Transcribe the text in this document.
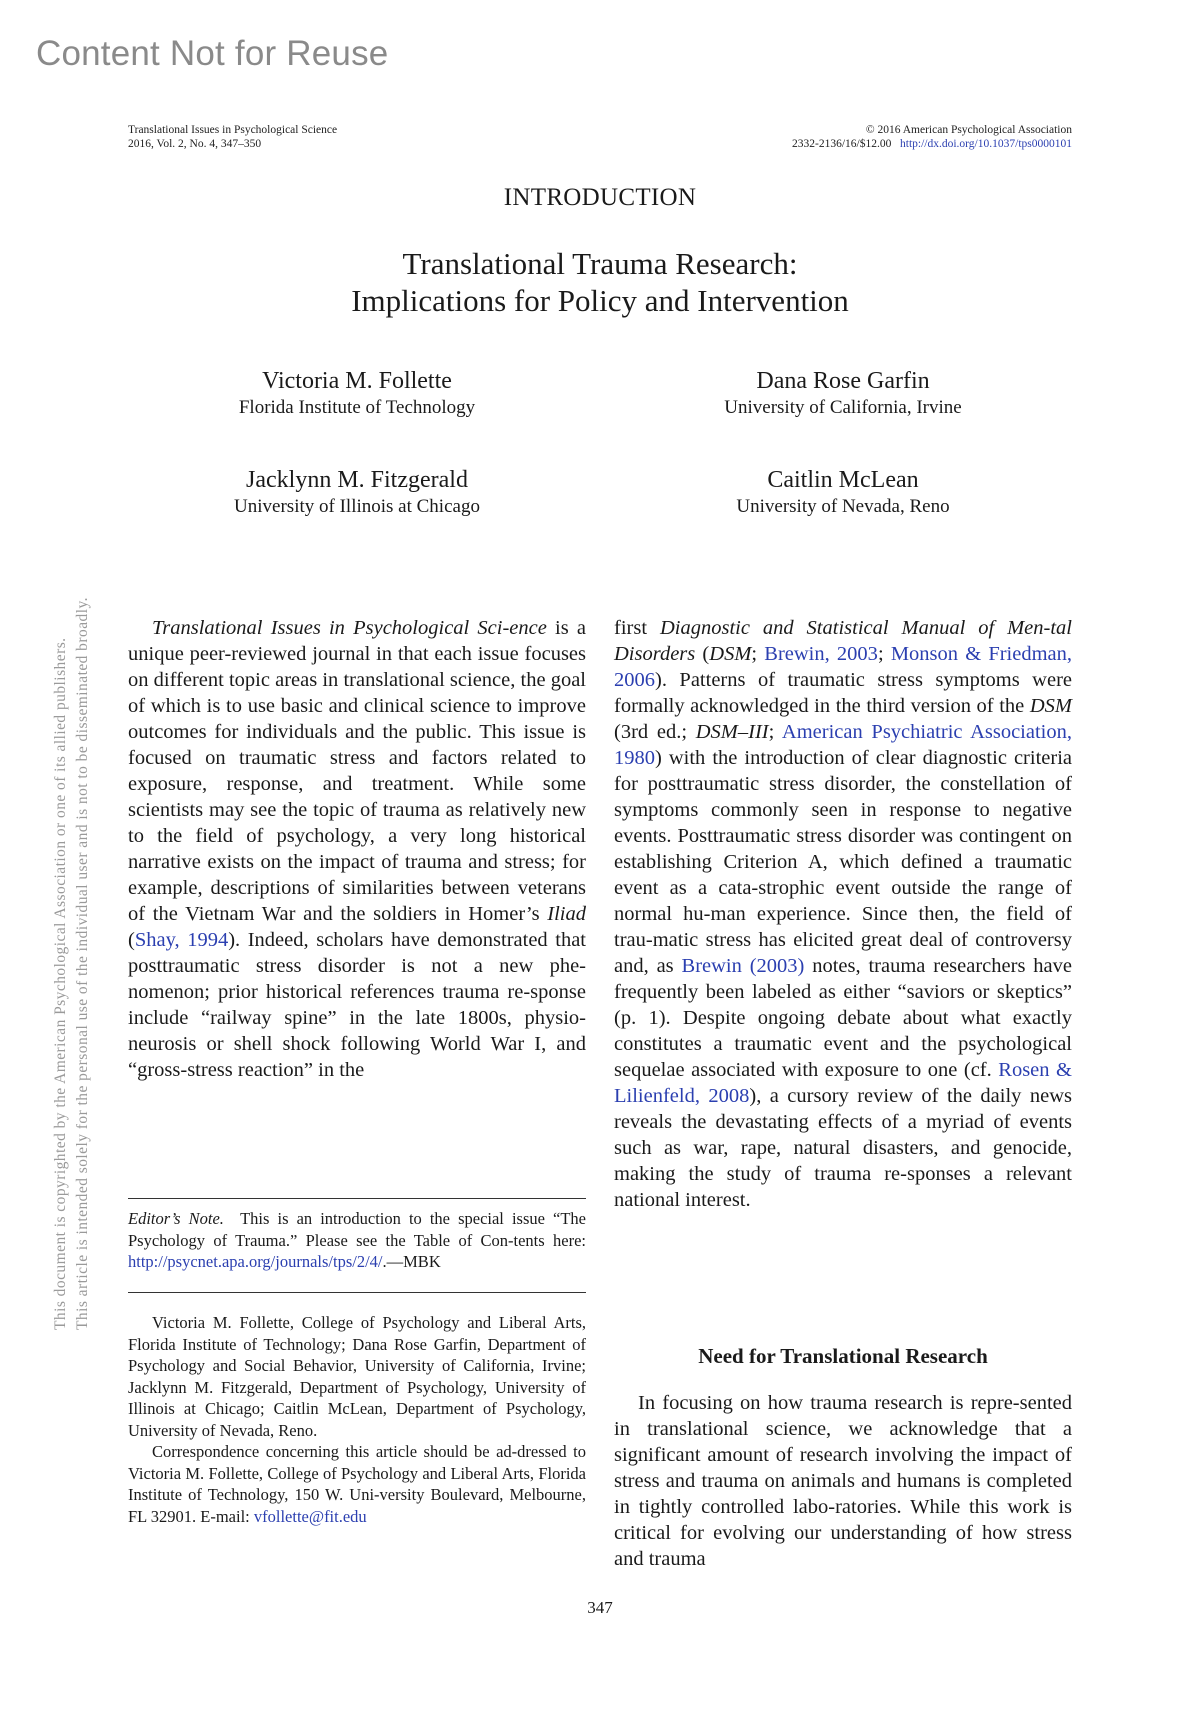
Content Not for Reuse
This document is copyrighted by the American Psychological Association or one of its allied publishers. This article is intended solely for the personal use of the individual user and is not to be disseminated broadly.
Translational Issues in Psychological Science
2016, Vol. 2, No. 4, 347–350
© 2016 American Psychological Association
2332-2136/16/$12.00 http://dx.doi.org/10.1037/tps0000101
INTRODUCTION
Translational Trauma Research:
Implications for Policy and Intervention
Victoria M. Follette
Florida Institute of Technology
Dana Rose Garfin
University of California, Irvine
Jacklynn M. Fitzgerald
University of Illinois at Chicago
Caitlin McLean
University of Nevada, Reno

Translational Issues in Psychological Sci-ence is a unique peer-reviewed journal in that each issue focuses on different topic areas in translational science, the goal of which is to use basic and clinical science to improve outcomes for individuals and the public. This issue is focused on traumatic stress and factors related to exposure, response, and treatment. While some scientists may see the topic of trauma as relatively new to the field of psychology, a very long historical narrative exists on the impact of trauma and stress; for example, descriptions of similarities between veterans of the Vietnam War and the soldiers in Homer’s Iliad (Shay, 1994). Indeed, scholars have demonstrated that posttraumatic stress disorder is not a new phe-nomenon; prior historical references trauma re-sponse include “railway spine” in the late 1800s, physio-neurosis or shell shock following World War I, and “gross-stress reaction” in the

Editor’s Note. This is an introduction to the special issue “The Psychology of Trauma.” Please see the Table of Con-tents here: http://psycnet.apa.org/journals/tps/2/4/.—MBK

Victoria M. Follette, College of Psychology and Liberal Arts, Florida Institute of Technology; Dana Rose Garfin, Department of Psychology and Social Behavior, University of California, Irvine; Jacklynn M. Fitzgerald, Department of Psychology, University of Illinois at Chicago; Caitlin McLean, Department of Psychology, University of Nevada, Reno.

Correspondence concerning this article should be ad-dressed to Victoria M. Follette, College of Psychology and Liberal Arts, Florida Institute of Technology, 150 W. Uni-versity Boulevard, Melbourne, FL 32901. E-mail: vfollette@fit.edu

first Diagnostic and Statistical Manual of Men-tal Disorders (DSM; Brewin, 2003; Monson & Friedman, 2006). Patterns of traumatic stress symptoms were formally acknowledged in the third version of the DSM (3rd ed.; DSM–III; American Psychiatric Association, 1980) with the introduction of clear diagnostic criteria for posttraumatic stress disorder, the constellation of symptoms commonly seen in response to negative events. Posttraumatic stress disorder was contingent on establishing Criterion A, which defined a traumatic event as a cata-strophic event outside the range of normal hu-man experience. Since then, the field of trau-matic stress has elicited great deal of controversy and, as Brewin (2003) notes, trauma researchers have frequently been labeled as either “saviors or skeptics” (p. 1). Despite ongoing debate about what exactly constitutes a traumatic event and the psychological sequelae associated with exposure to one (cf. Rosen & Lilienfeld, 2008), a cursory review of the daily news reveals the devastating effects of a myriad of events such as war, rape, natural disasters, and genocide, making the study of trauma re-sponses a relevant national interest.

Need for Translational Research

In focusing on how trauma research is repre-sented in translational science, we acknowledge that a significant amount of research involving the impact of stress and trauma on animals and humans is completed in tightly controlled labo-ratories. While this work is critical for evolving our understanding of how stress and trauma

347
